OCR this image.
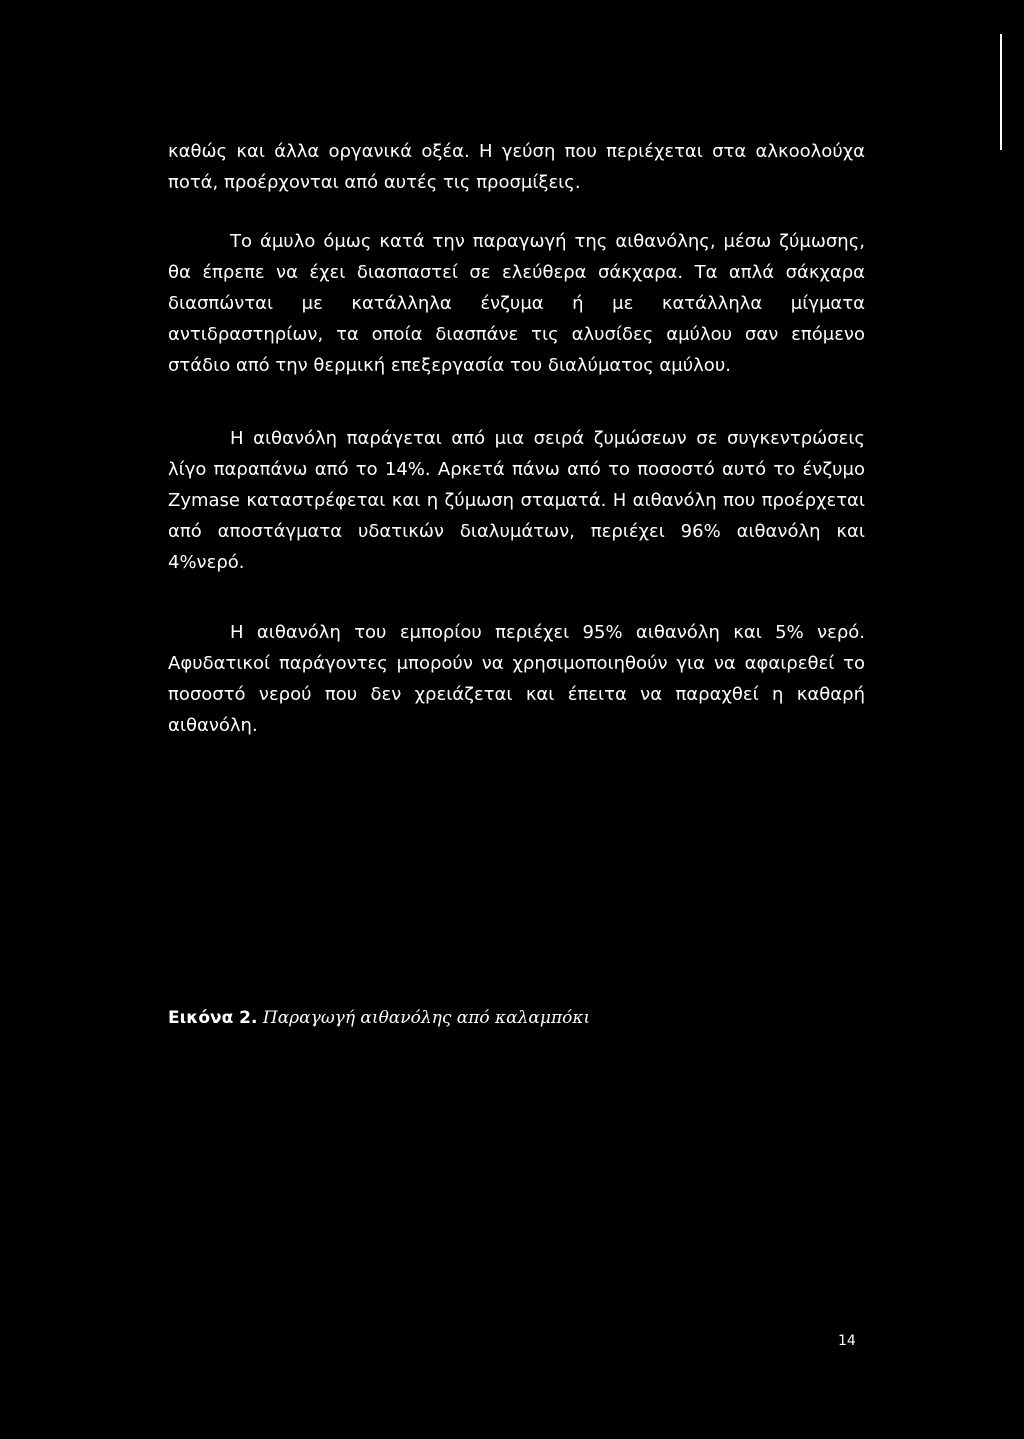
καθώς και άλλα οργανικά οξέα. Η γεύση που περιέχεται στα αλκοολούχα ποτά, προέρχονται από αυτές τις προσμίξεις.

Το άμυλο όμως κατά την παραγωγή της αιθανόλης, μέσω ζύμωσης, θα έπρεπε να έχει διασπαστεί σε ελεύθερα σάκχαρα. Τα απλά σάκχαρα διασπώνται με κατάλληλα ένζυμα ή με κατάλληλα μίγματα αντιδραστηρίων, τα οποία διασπάνε τις αλυσίδες αμύλου σαν επόμενο στάδιο από την θερμική επεξεργασία του διαλύματος αμύλου.

Η αιθανόλη παράγεται από μια σειρά ζυμώσεων σε συγκεντρώσεις λίγο παραπάνω από το 14%. Αρκετά πάνω από το ποσοστό αυτό το ένζυμο Zymase καταστρέφεται και η ζύμωση σταματά. Η αιθανόλη που προέρχεται από αποστάγματα υδατικών διαλυμάτων, περιέχει 96% αιθανόλη και 4%νερό.

Η αιθανόλη του εμπορίου περιέχει 95% αιθανόλη και 5% νερό. Αφυδατικοί παράγοντες μπορούν να χρησιμοποιηθούν για να αφαιρεθεί το ποσοστό νερού που δεν χρειάζεται και έπειτα να παραχθεί η καθαρή αιθανόλη.

Εικόνα 2. Παραγωγή αιθανόλης από καλαμπόκι
14
